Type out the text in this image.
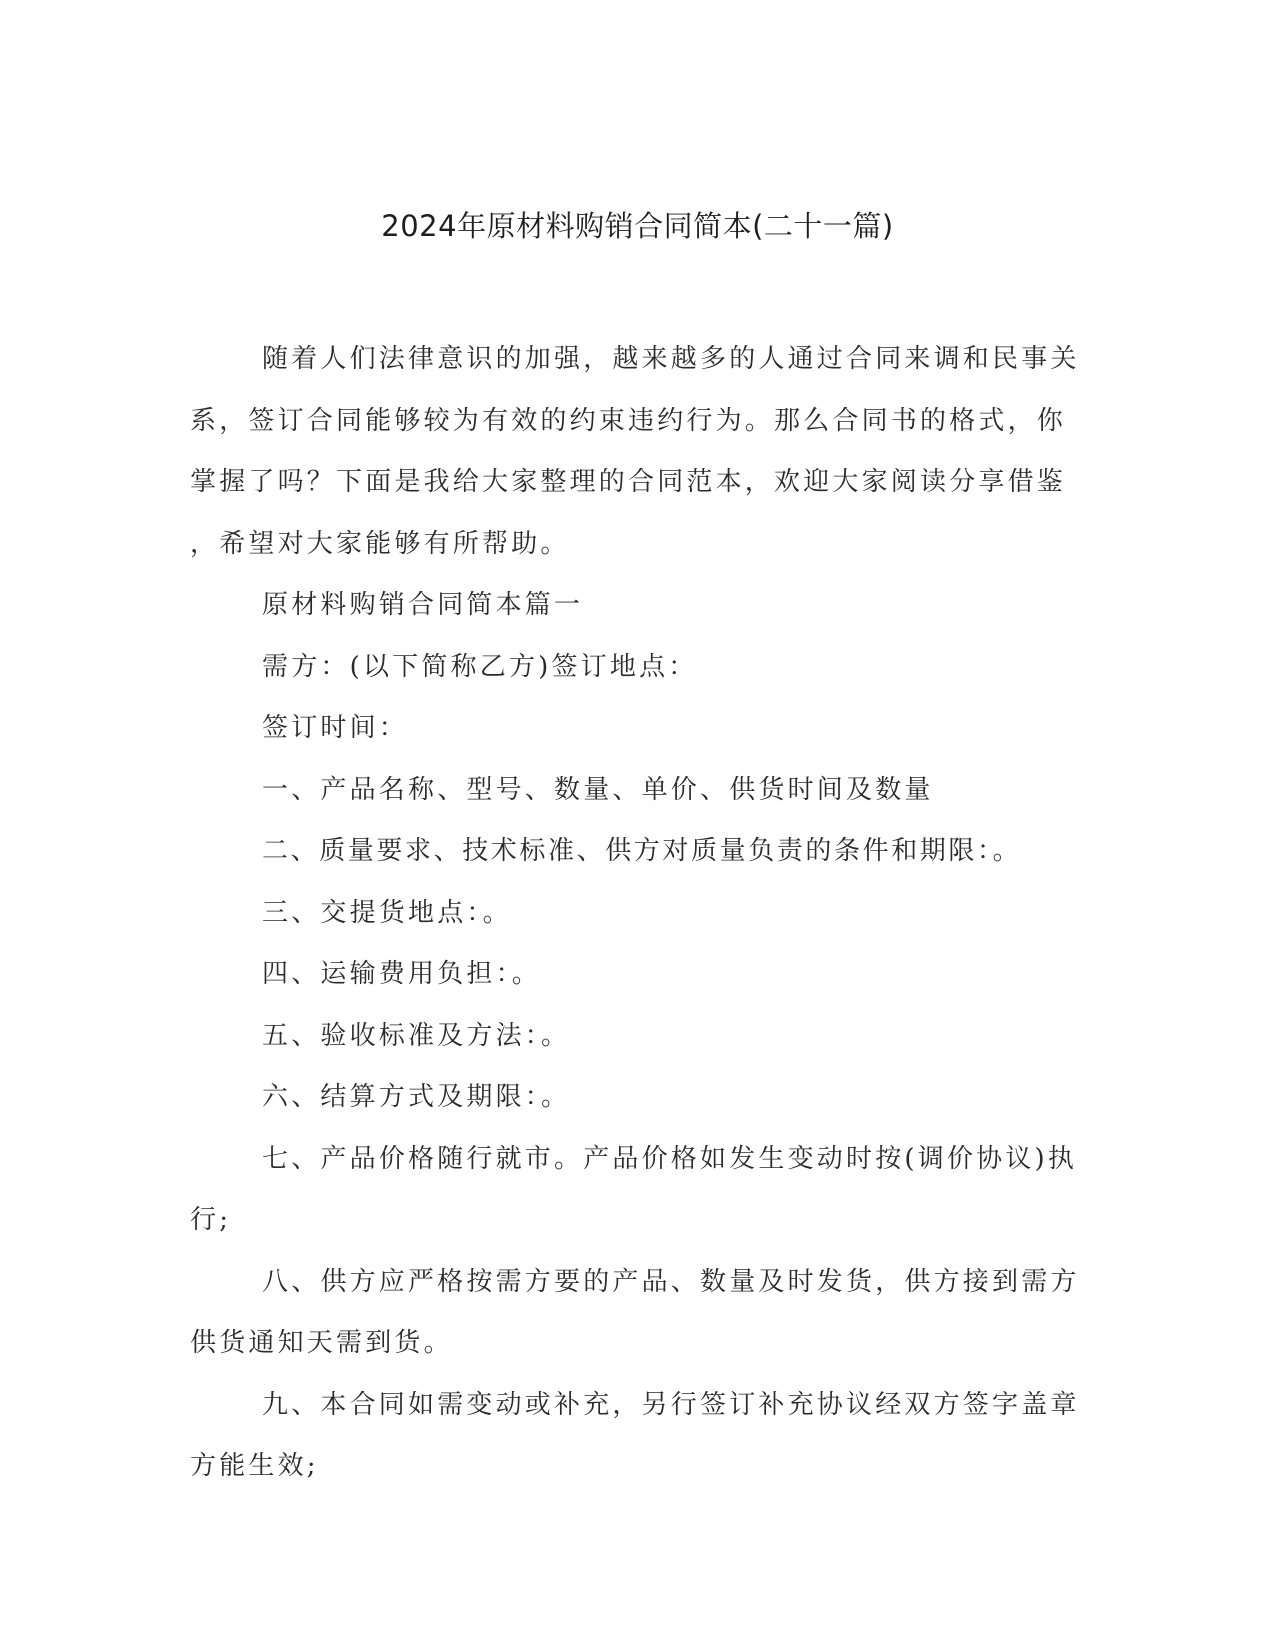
2024年原材料购销合同简本(二十一篇)

随着人们法律意识的加强，越来越多的人通过合同来调和民事关
系，签订合同能够较为有效的约束违约行为。那么合同书的格式，你
掌握了吗？下面是我给大家整理的合同范本，欢迎大家阅读分享借鉴
，希望对大家能够有所帮助。

原材料购销合同简本篇一

需方：(以下简称乙方)签订地点：

签订时间：

一、产品名称、型号、数量、单价、供货时间及数量

二、质量要求、技术标准、供方对质量负责的条件和期限：。

三、交提货地点：。

四、运输费用负担：。

五、验收标准及方法：。

六、结算方式及期限：。

七、产品价格随行就市。产品价格如发生变动时按(调价协议)执
行;

八、供方应严格按需方要的产品、数量及时发货，供方接到需方
供货通知天需到货。

九、本合同如需变动或补充，另行签订补充协议经双方签字盖章
方能生效;
